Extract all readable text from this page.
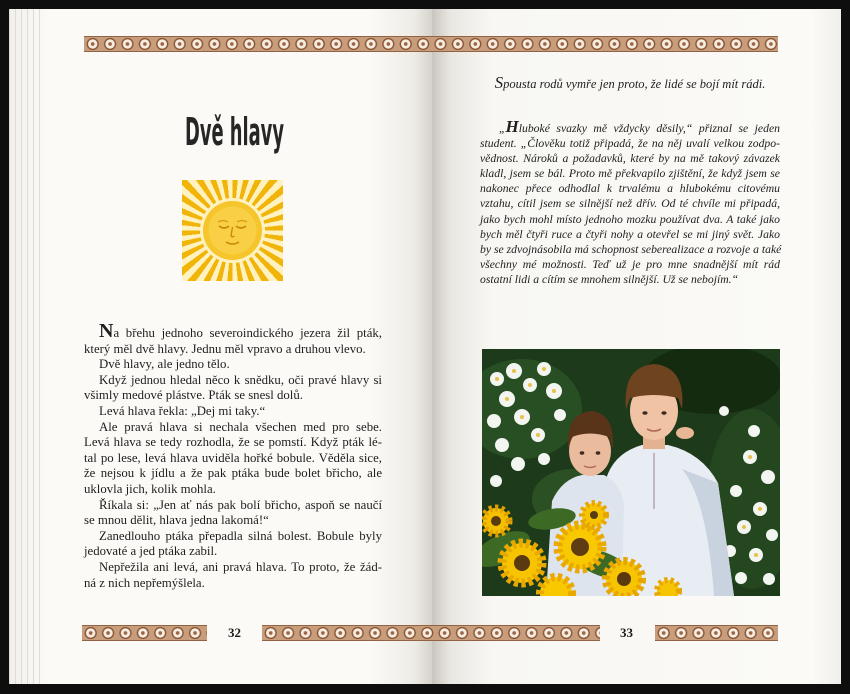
Dvě hlavy
Na břehu jednoho severoindického jezera žil pták,
který měl dvě hlavy. Jednu měl vpravo a druhou vlevo.
Dvě hlavy, ale jedno tělo.
Když jednou hledal něco k snědku, oči pravé hlavy si
všimly medové plástve. Pták se snesl dolů.
Levá hlava řekla: „Dej mi taky.“
Ale pravá hlava si nechala všechen med pro sebe.
Levá hlava se tedy rozhodla, že se pomstí. Když pták lé-
tal po lese, levá hlava uviděla hořké bobule. Věděla sice,
že nejsou k jídlu a že pak ptáka bude bolet břicho, ale
uklovla jich, kolik mohla.
Říkala si: „Jen ať nás pak bolí břicho, aspoň se naučí
se mnou dělit, hlava jedna lakomá!“
Zanedlouho ptáka přepadla silná bolest. Bobule byly
jedovaté a jed ptáka zabil.
Nepřežila ani levá, ani pravá hlava. To proto, že žád-
ná z nich nepřemýšlela.
Spousta rodů vymře jen proto, že lidé se bojí mít rádi.
„Hluboké svazky mě vždycky děsily,“ přiznal se jeden
student. „Člověku totiž připadá, že na něj uvalí velkou zodpo-
vědnost. Nároků a požadavků, které by na mě takový závazek
kladl, jsem se bál. Proto mě překvapilo zjištění, že když jsem se
nakonec přece odhodlal k trvalému a hlubokému citovému
vztahu, cítil jsem se silnější než dřív. Od té chvíle mi připadá,
jako bych mohl místo jednoho mozku používat dva. A také jako
bych měl čtyři ruce a čtyři nohy a otevřel se mi jiný svět. Jako
by se zdvojnásobila má schopnost seberealizace a rozvoje a také
všechny mé možnosti. Teď už je pro mne snadnější mít rád
ostatní lidi a cítím se mnohem silnější. Už se nebojím.“
32	33
